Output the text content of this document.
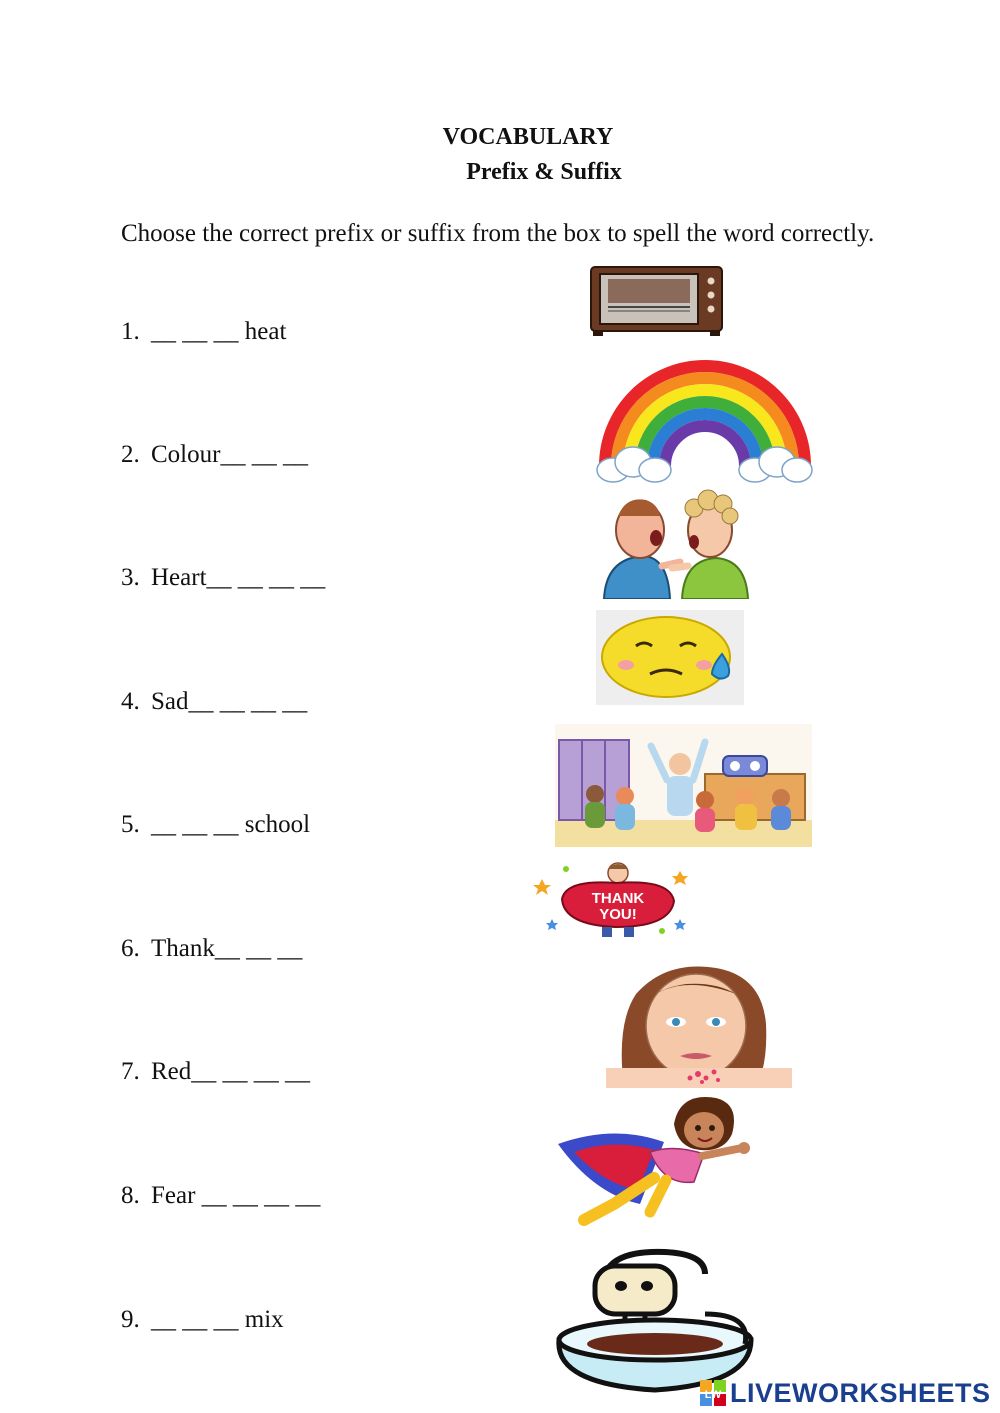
VOCABULARY
Prefix & Suffix
Choose the correct prefix or suffix from the box to spell the word correctly.
1. __ __ __ heat
2. Colour__ __ __
3. Heart__ __ __ __
4. Sad__ __ __ __
5. __ __ __ school
6. Thank__ __ __
7. Red__ __ __ __
8. Fear __ __ __ __
9. __ __ __ mix
THANK
YOU!
LW LIVEWORKSHEETS
